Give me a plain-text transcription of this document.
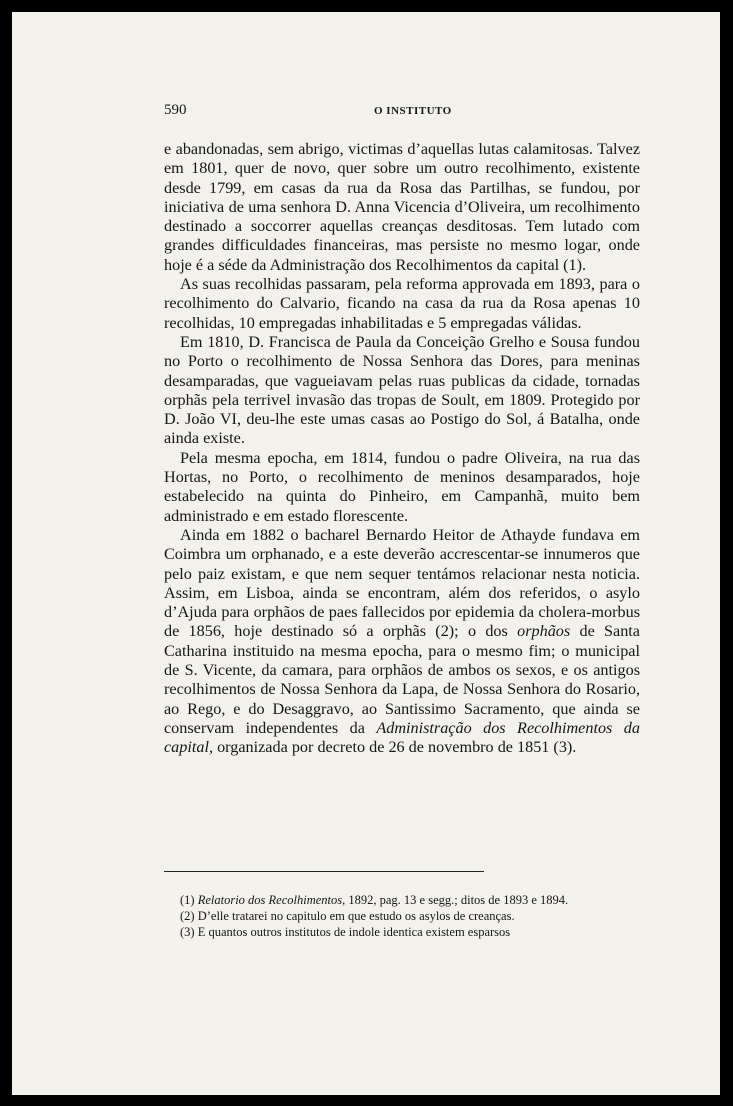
590	O INSTITUTO

e abandonadas, sem abrigo, victimas d’aquellas lutas calamitosas. Talvez em 1801, quer de novo, quer sobre um outro recolhimento, existente desde 1799, em casas da rua da Rosa das Partilhas, se fundou, por iniciativa de uma senhora D. Anna Vicencia d’Oliveira, um recolhimento destinado a soccorrer aquellas creanças desditosas. Tem lutado com grandes difficuldades financeiras, mas persiste no mesmo logar, onde hoje é a séde da Administração dos Recolhimentos da capital (1).

As suas recolhidas passaram, pela reforma approvada em 1893, para o recolhimento do Calvario, ficando na casa da rua da Rosa apenas 10 recolhidas, 10 empregadas inhabilitadas e 5 empregadas válidas.

Em 1810, D. Francisca de Paula da Conceição Grelho e Sousa fundou no Porto o recolhimento de Nossa Senhora das Dores, para meninas desamparadas, que vagueiavam pelas ruas publicas da cidade, tornadas orphãs pela terrivel invasão das tropas de Soult, em 1809. Protegido por D. João VI, deu-lhe este umas casas ao Postigo do Sol, á Batalha, onde ainda existe.

Pela mesma epocha, em 1814, fundou o padre Oliveira, na rua das Hortas, no Porto, o recolhimento de meninos desamparados, hoje estabelecido na quinta do Pinheiro, em Campanhã, muito bem administrado e em estado florescente.

Ainda em 1882 o bacharel Bernardo Heitor de Athayde fundava em Coimbra um orphanado, e a este deverão accrescentar-se innumeros que pelo paiz existam, e que nem sequer tentámos relacionar nesta noticia. Assim, em Lisboa, ainda se encontram, além dos referidos, o asylo d’Ajuda para orphãos de paes fallecidos por epidemia da cholera-morbus de 1856, hoje destinado só a orphãs (2); o dos orphãos de Santa Catharina instituido na mesma epocha, para o mesmo fim; o municipal de S. Vicente, da camara, para orphãos de ambos os sexos, e os antigos recolhimentos de Nossa Senhora da Lapa, de Nossa Senhora do Rosario, ao Rego, e do Desaggravo, ao Santissimo Sacramento, que ainda se conservam independentes da Administração dos Recolhimentos da capital, organizada por decreto de 26 de novembro de 1851 (3).

(1) Relatorio dos Recolhimentos, 1892, pag. 13 e segg.; ditos de 1893 e 1894.

(2) D’elle tratarei no capitulo em que estudo os asylos de creanças.

(3) E quantos outros institutos de indole identica existem esparsos
